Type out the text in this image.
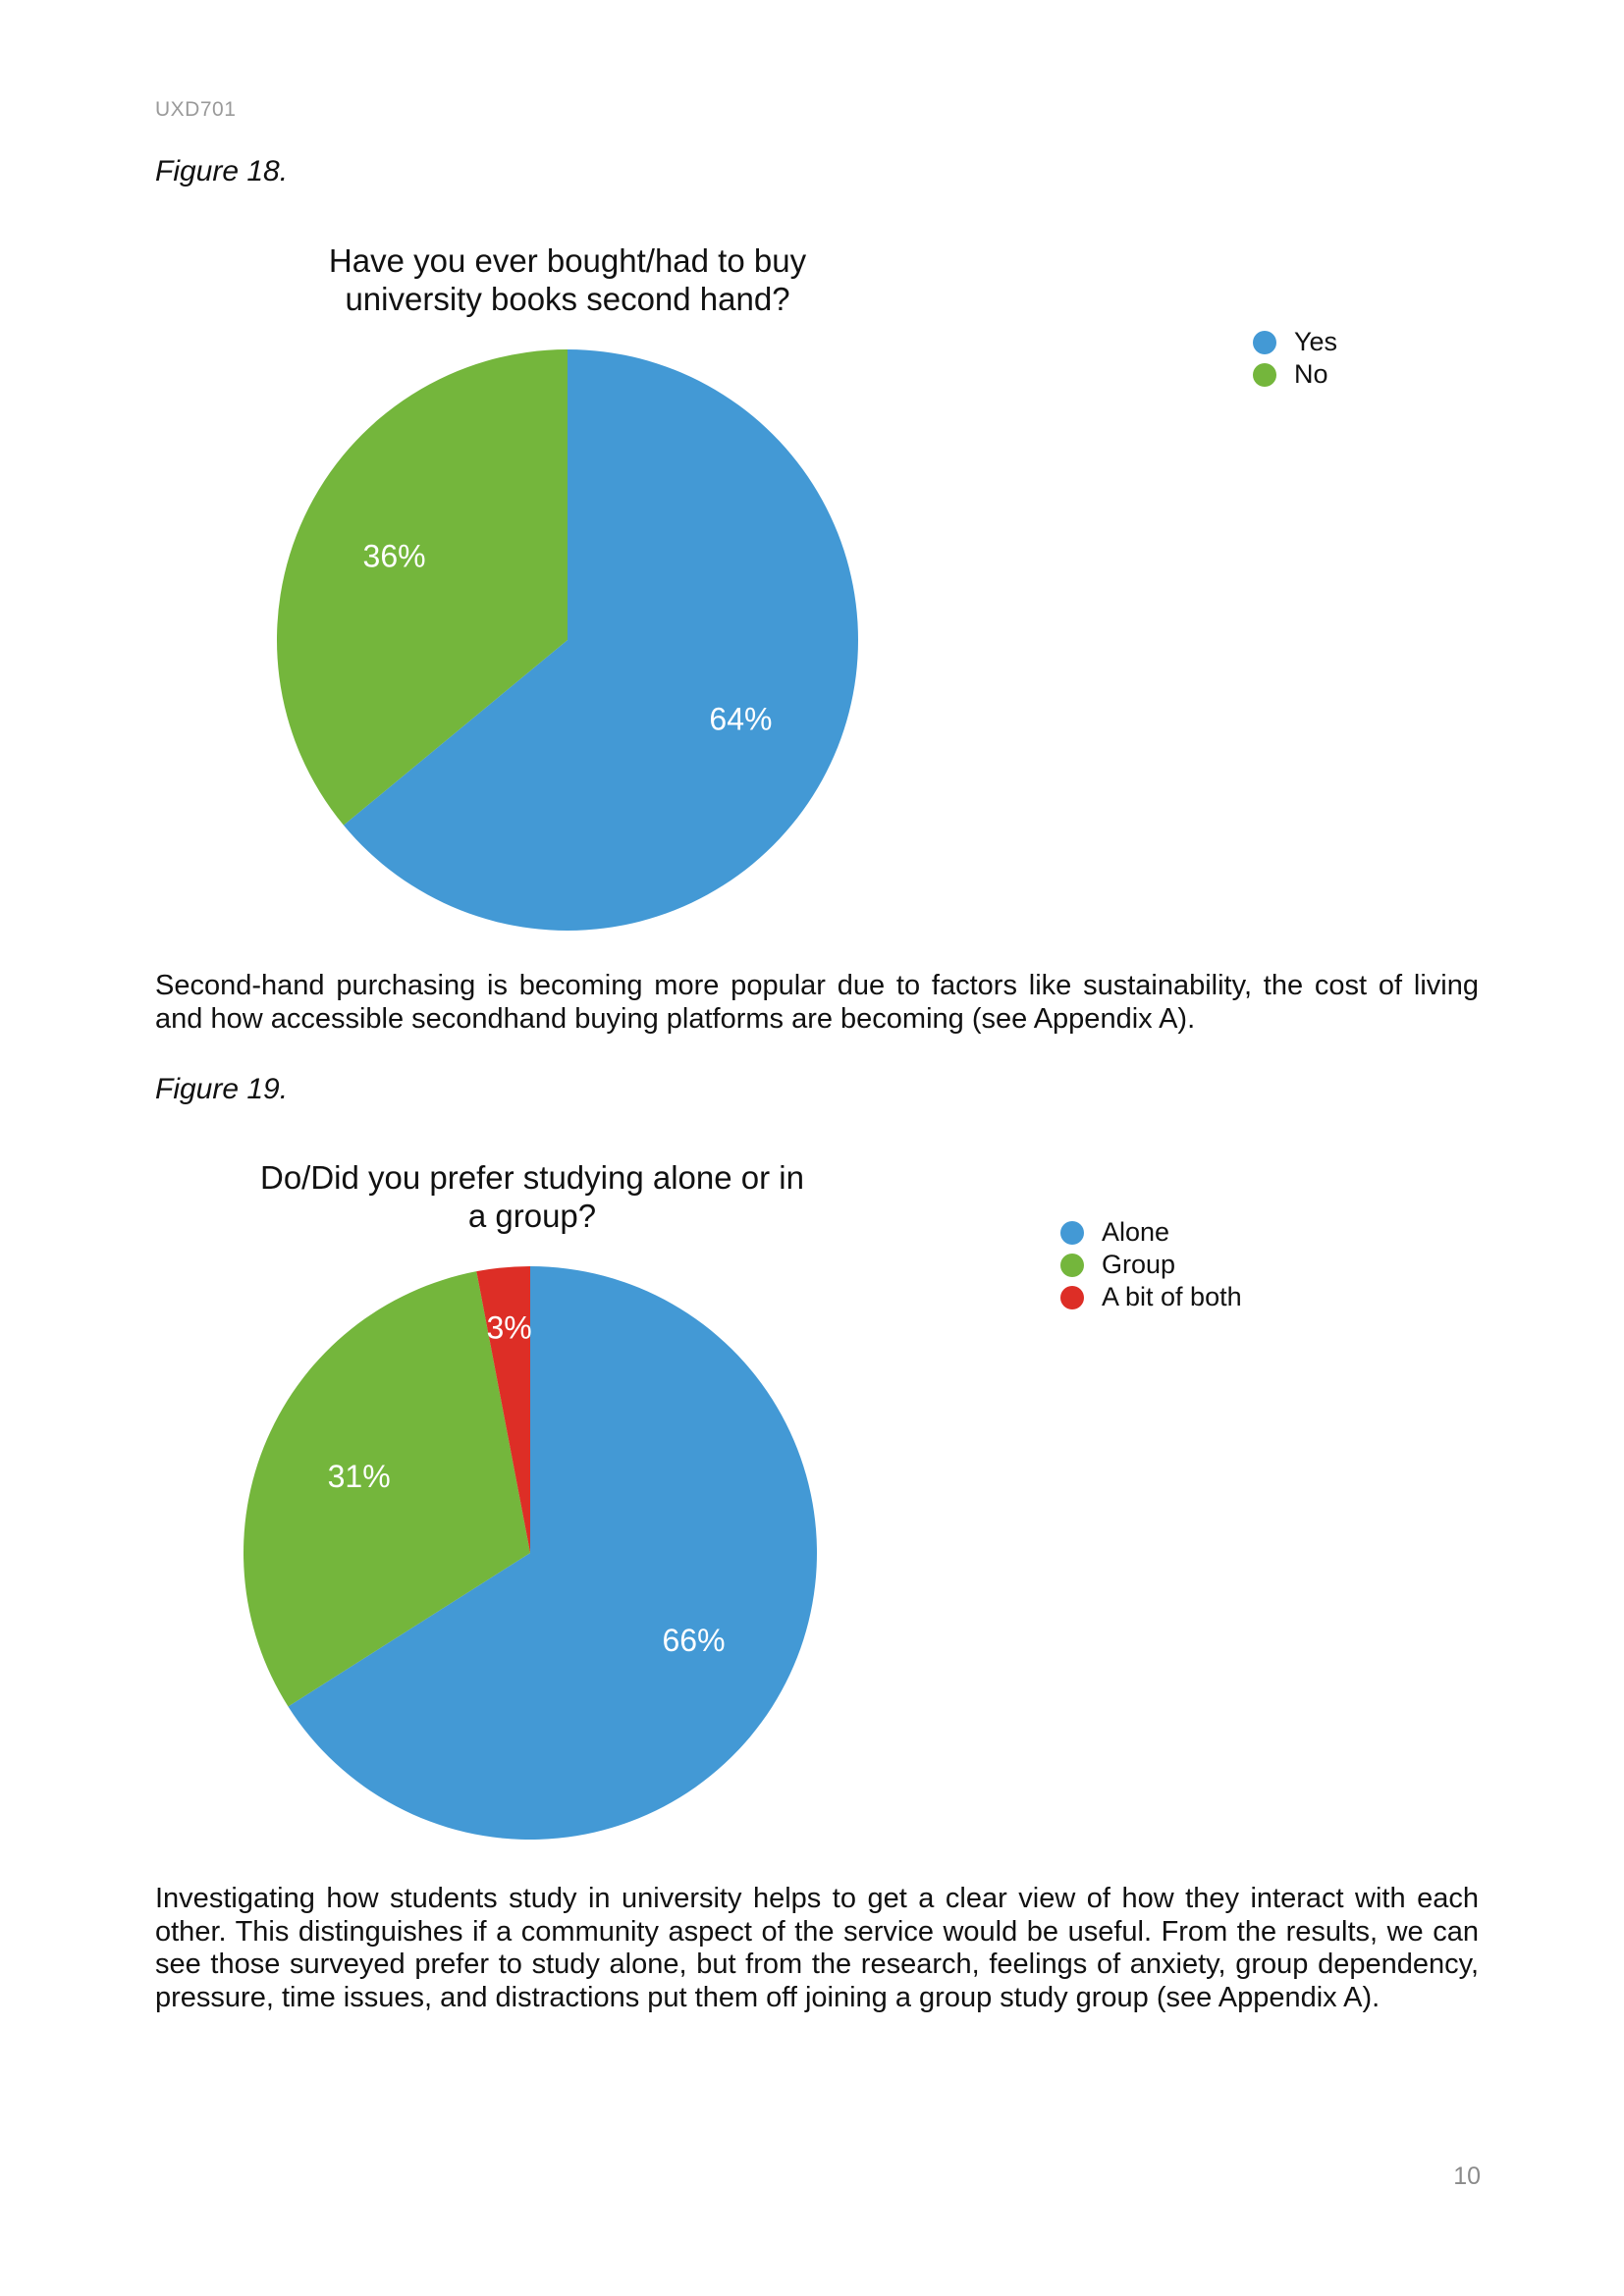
UXD701
Figure 18.
Have you ever bought/had to buy
university books second hand?
64%
36%
Yes
No
Second-hand purchasing is becoming more popular due to factors like sustainability, the cost of living and how accessible secondhand buying platforms are becoming (see Appendix A).
Figure 19.
Do/Did you prefer studying alone or in
a group?
66%
31%
3%
Alone
Group
A bit of both
Investigating how students study in university helps to get a clear view of how they interact with each other. This distinguishes if a community aspect of the service would be useful. From the results, we can see those surveyed prefer to study alone, but from the research, feelings of anxiety, group dependency, pressure, time issues, and distractions put them off joining a group study group (see Appendix A).
10
